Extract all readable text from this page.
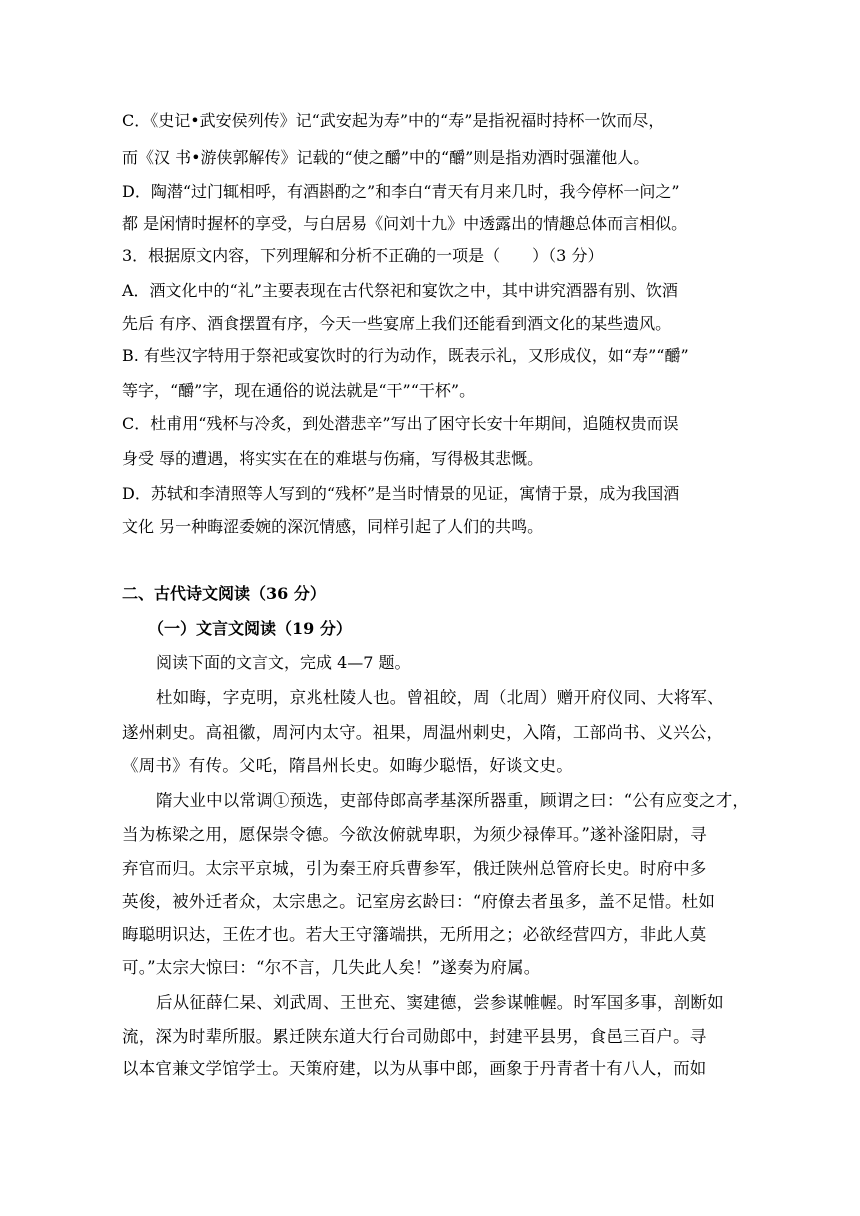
C．《史记•武安侯列传》记“武安起为寿”中的“寿”是指祝福时持杯一饮而尽，
而《汉 书•游侠郭解传》记载的“使之釂”中的“釂”则是指劝酒时强灌他人。
D．陶潜“过门辄相呼，有酒斟酌之”和李白“青天有月来几时，我今停杯一问之”
都 是闲情时握杯的享受，与白居易《问刘十九》中透露出的情趣总体而言相似。
3．根据原文内容，下列理解和分析不正确的一项是（　　）（3 分）
A．酒文化中的“礼”主要表现在古代祭祀和宴饮之中，其中讲究酒器有别、饮酒
先后 有序、酒食摆置有序，今天一些宴席上我们还能看到酒文化的某些遗风。
B. 有些汉字特用于祭祀或宴饮时的行为动作，既表示礼，又形成仪，如“寿”“釂”
等字，“釂”字，现在通俗的说法就是“干”“干杯”。
C．杜甫用“残杯与冷炙，到处潜悲辛”写出了困守长安十年期间，追随权贵而误
身受 辱的遭遇，将实实在在的难堪与伤痛，写得极其悲慨。
D．苏轼和李清照等人写到的“残杯”是当时情景的见证，寓情于景，成为我国酒
文化 另一种晦涩委婉的深沉情感，同样引起了人们的共鸣。
二、古代诗文阅读（36 分）
（一）文言文阅读（19 分）
阅读下面的文言文，完成 4—7 题。
杜如晦，字克明，京兆杜陵人也。曾祖皎，周（北周）赠开府仪同、大将军、
遂州刺史。高祖徽，周河内太守。祖果，周温州刺史，入隋，工部尚书、义兴公，
《周书》有传。父吒，隋昌州长史。如晦少聪悟，好谈文史。
隋大业中以常调①预选，吏部侍郎高孝基深所器重，顾谓之曰：“公有应变之才，
当为栋梁之用，愿保崇令德。今欲汝俯就卑职，为须少禄俸耳。”遂补滏阳尉，寻
弃官而归。太宗平京城，引为秦王府兵曹参军，俄迁陕州总管府长史。时府中多
英俊，被外迁者众，太宗患之。记室房玄龄曰：“府僚去者虽多，盖不足惜。杜如
晦聪明识达，王佐才也。若大王守籓端拱，无所用之；必欲经营四方，非此人莫
可。”太宗大惊曰：“尔不言，几失此人矣！”遂奏为府属。
后从征薛仁杲、刘武周、王世充、窦建德，尝参谋帷幄。时军国多事，剖断如
流，深为时辈所服。累迁陕东道大行台司勋郎中，封建平县男，食邑三百户。寻
以本官兼文学馆学士。天策府建，以为从事中郎，画象于丹青者十有八人，而如
